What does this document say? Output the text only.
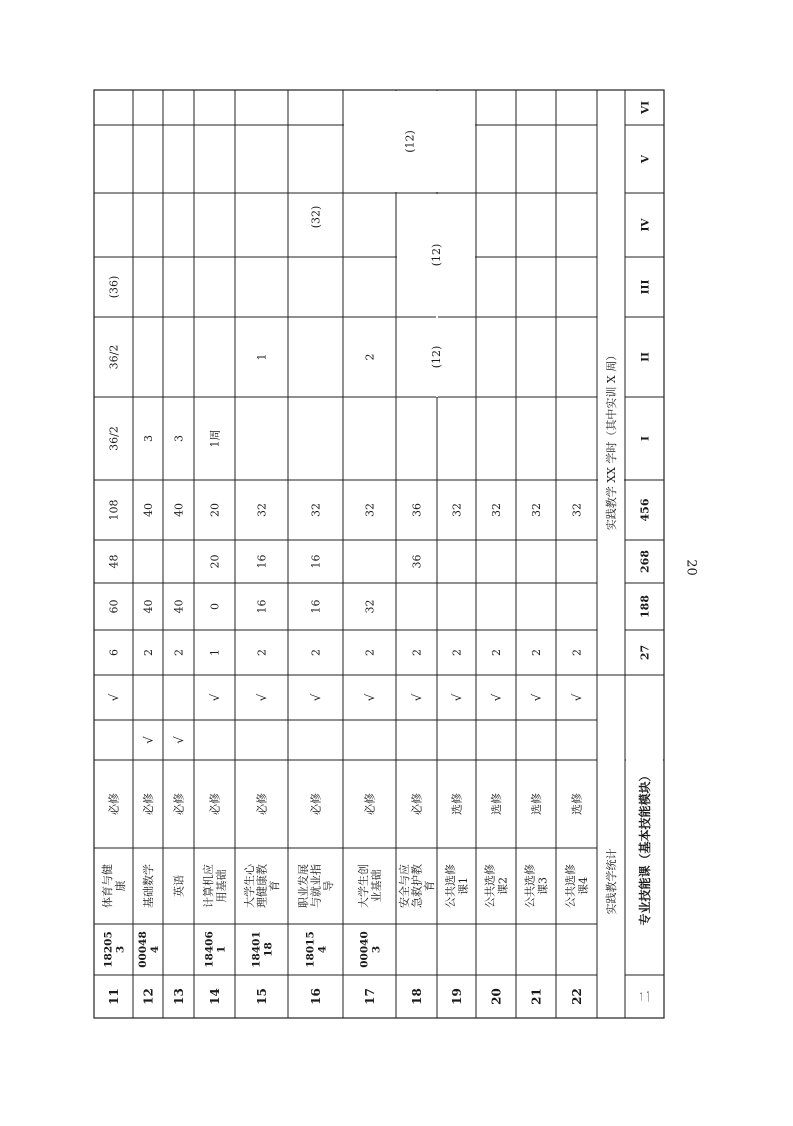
11
18205 3
体育与健 康
必修
√
6
60
48
108
36/2
36/2
(36)
12
00048 4
基础数学
必修
√
2
40
40
3
13
英语
必修
√
2
40
40
3
14
18406 1
计算机应 用基础
必修
√
1
0
20
20
1周
15
18401 18
大学生心 理健康教 育
必修
√
2
16
16
32
1
16
18015 4
职业发展 与就业指 导
必修
√
2
16
16
32
(32)
17
00040 3
大学生创 业基础
必修
√
2
32
32
2
18
安全与应 急救护教 育
必修
√
2
36
36
(12)
(12)
(12)
19
公共选修 课1
选修
√
2
32
20
公共选修 课2
选修
√
2
32
21
公共选修 课3
选修
√
2
32
22
公共选修 课4
选修
√
2
32
实践教学统计
实践教学 XX 学时（其中实训 X 周）
二
专业技能课（基本技能模块）
27
188
268
456
I
II
III
IV
V
VI
20
